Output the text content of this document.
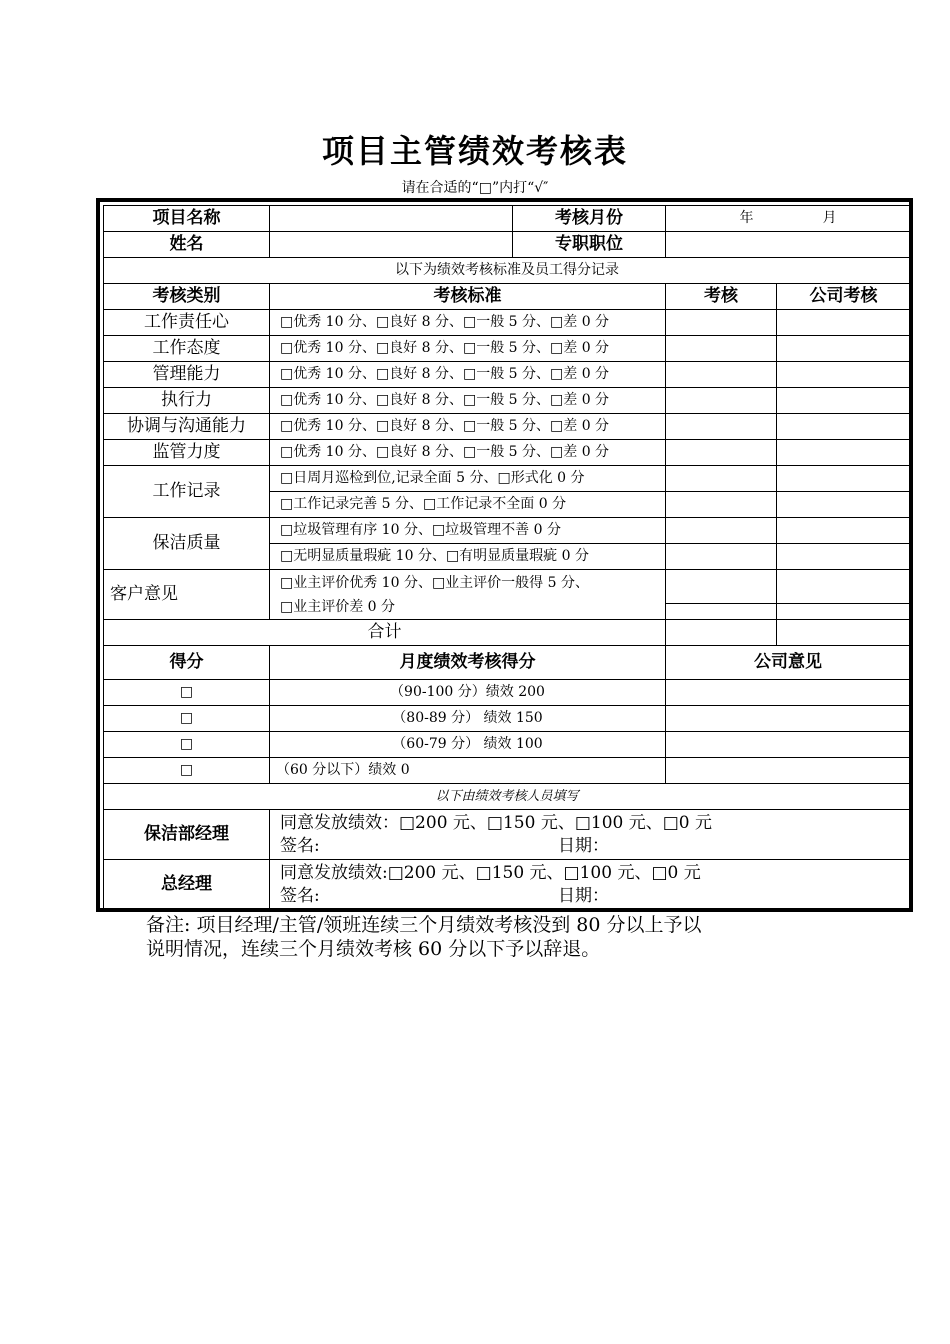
项目主管绩效考核表
请在合适的“□”内打“√″
项目名称		考核月份	年 月	
姓名		专职职位		
以下为绩效考核标准及员工得分记录				
考核类别	考核标准		考核	公司考核
工作责任心	□优秀 10 分、□良好 8 分、□一般 5 分、□差 0 分			
工作态度	□优秀 10 分、□良好 8 分、□一般 5 分、□差 0 分			
管理能力	□优秀 10 分、□良好 8 分、□一般 5 分、□差 0 分			
执行力	□优秀 10 分、□良好 8 分、□一般 5 分、□差 0 分			
协调与沟通能力	□优秀 10 分、□良好 8 分、□一般 5 分、□差 0 分			
监管力度	□优秀 10 分、□良好 8 分、□一般 5 分、□差 0 分			
工作记录	□日周月巡检到位,记录全面 5 分、□形式化 0 分			
	□工作记录完善 5 分、□工作记录不全面 0 分			
保洁质量	□垃圾管理有序 10 分、□垃圾管理不善 0 分			
	□无明显质量瑕疵 10 分、□有明显质量瑕疵 0 分			
客户意见	□业主评价优秀 10 分、□业主评价一般得 5 分、
□业主评价差 0 分			

合计				
得分	月度绩效考核得分		公司意见	
□	（90-100 分）绩效 200			
□	（80-89 分） 绩效 150			
□	（60-79 分） 绩效 100			
□	（60 分以下）绩效 0			
以下由绩效考核人员填写				
保洁部经理	同意发放绩效：□200 元、□150 元、□100 元、□0 元
签名: 日期：			

总经理	同意发放绩效:□200 元、□150 元、□100 元、□0 元
签名: 日期：			
备注: 项目经理/主管/领班连续三个月绩效考核没到 80 分以上予以
说明情况，连续三个月绩效考核 60 分以下予以辞退。
